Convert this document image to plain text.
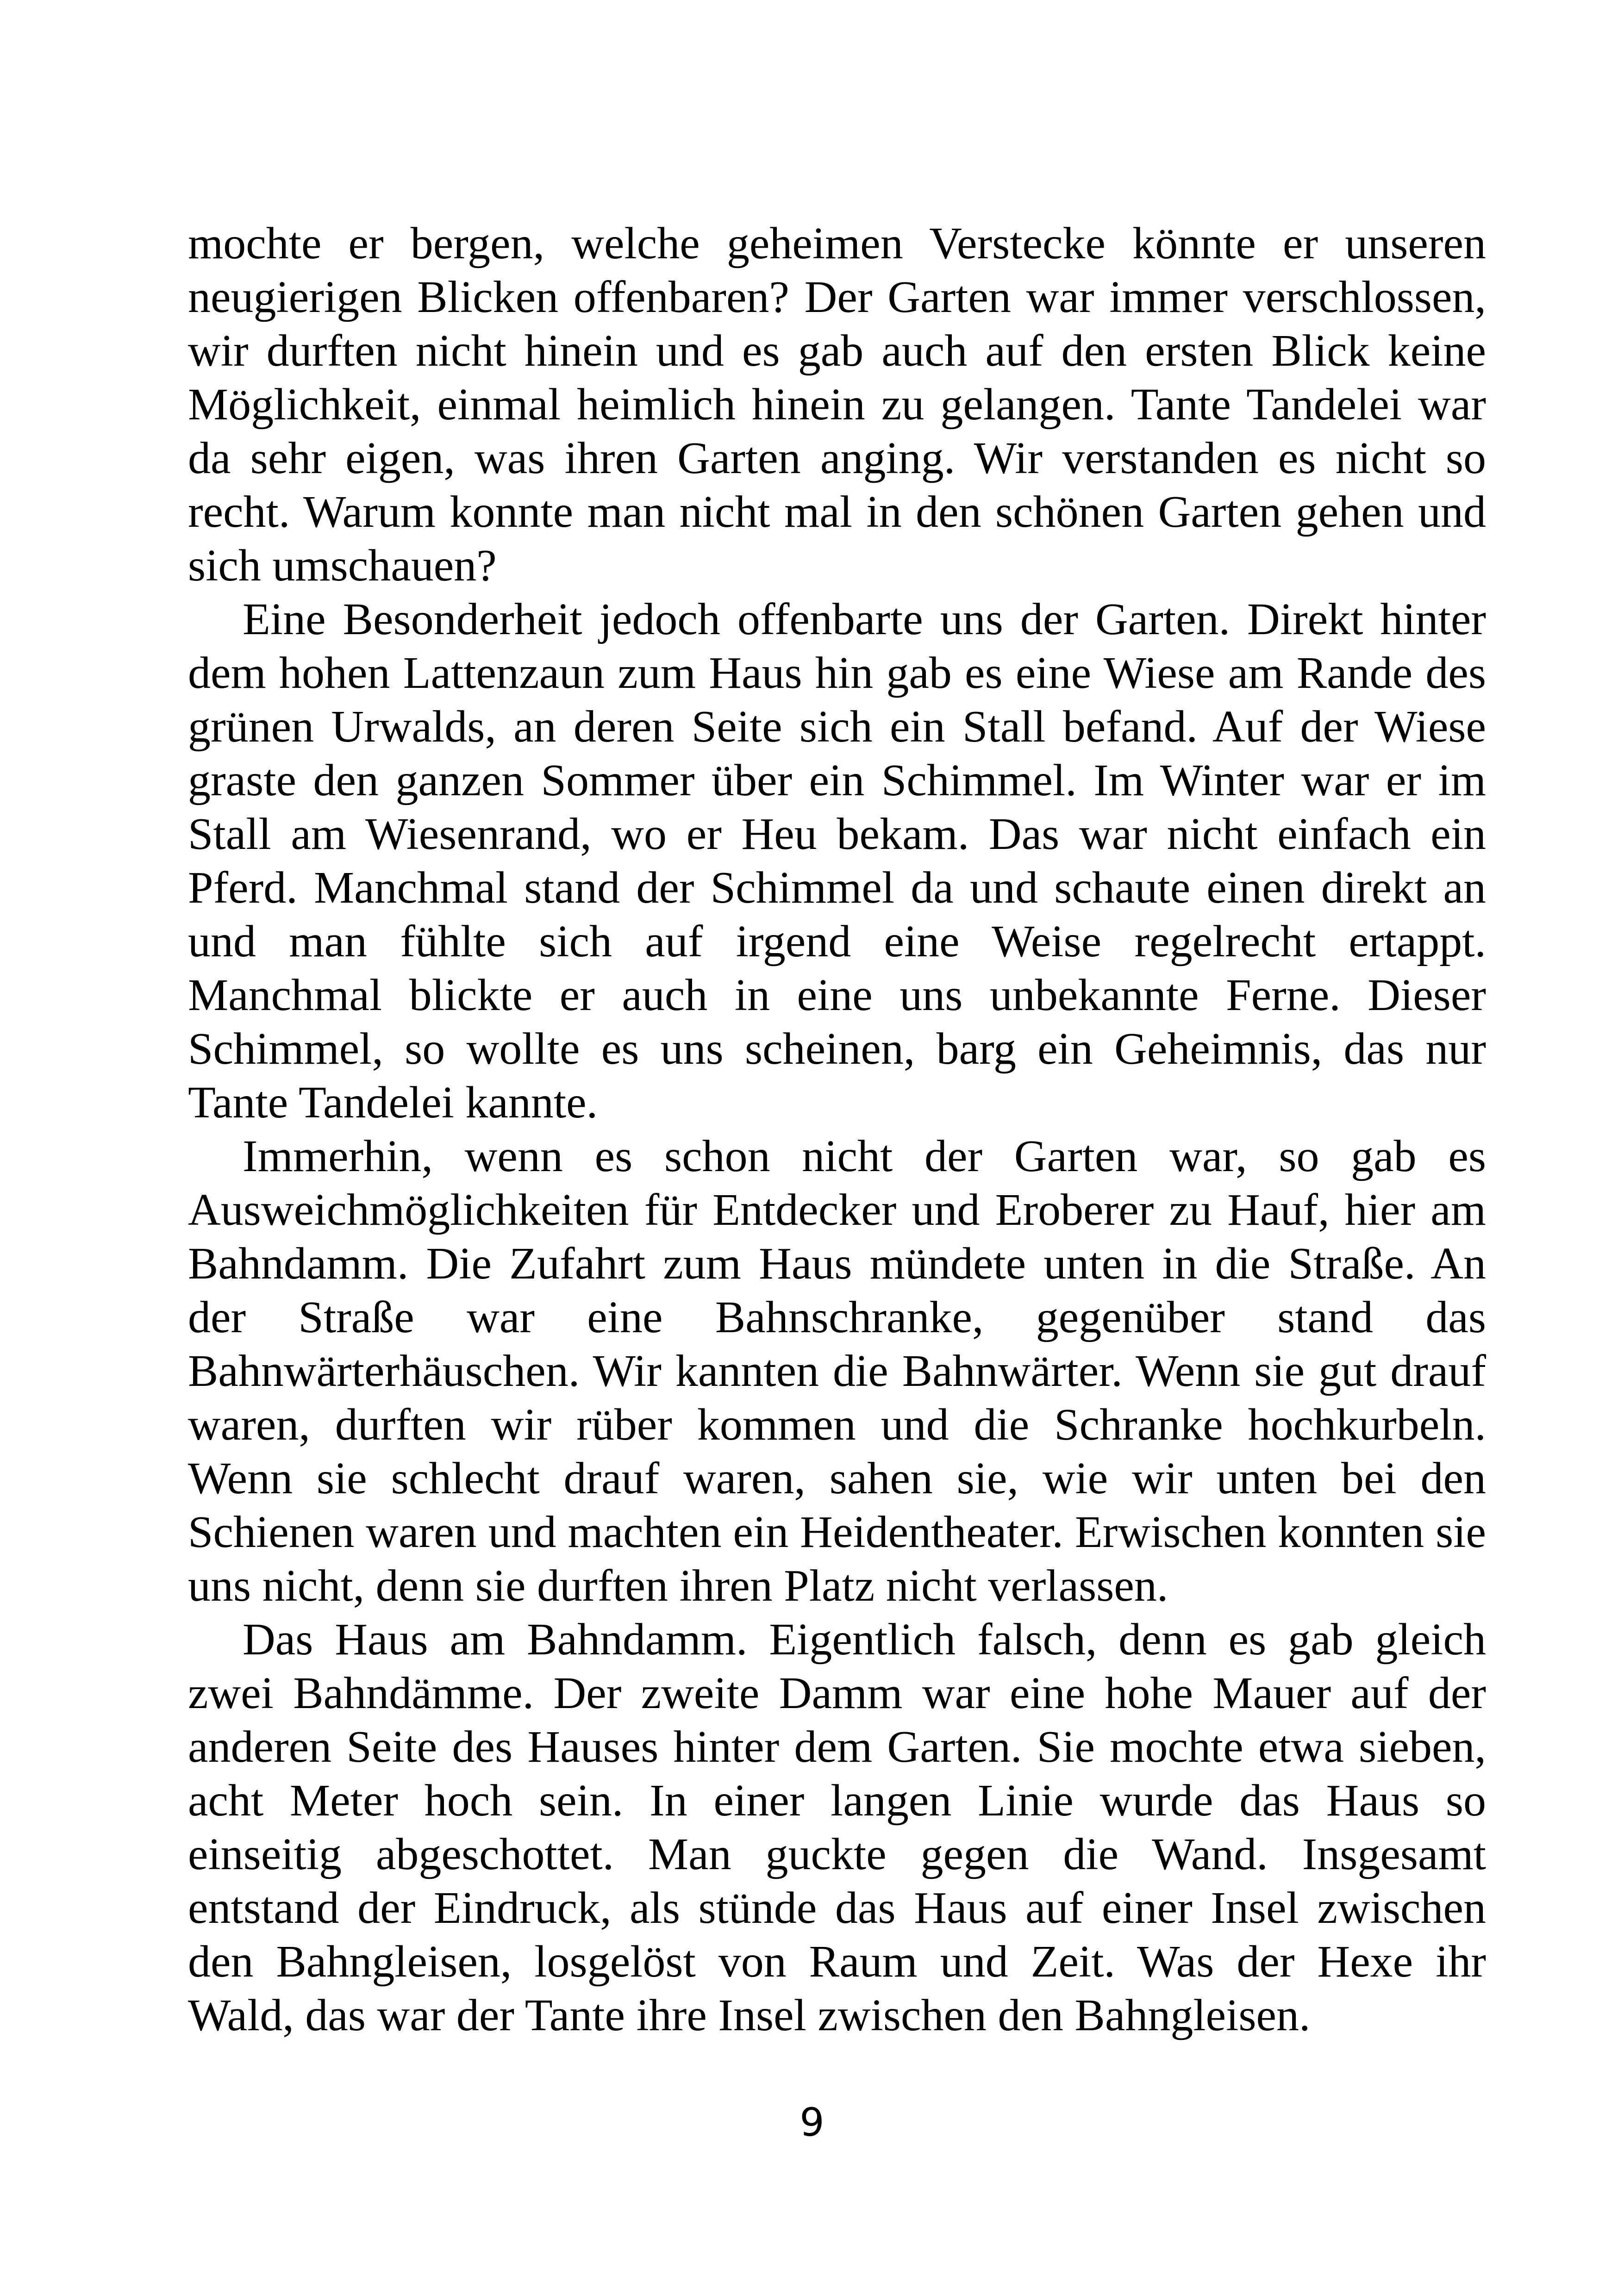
mochte er bergen, welche geheimen Verstecke könnte er unseren neugierigen Blicken offenbaren? Der Garten war immer verschlossen, wir durften nicht hinein und es gab auch auf den ersten Blick keine Möglichkeit, einmal heimlich hinein zu gelangen. Tante Tandelei war da sehr eigen, was ihren Garten anging. Wir verstanden es nicht so recht. Warum konnte man nicht mal in den schönen Garten gehen und sich umschauen?

Eine Besonderheit jedoch offenbarte uns der Garten. Direkt hinter dem hohen Lattenzaun zum Haus hin gab es eine Wiese am Rande des grünen Urwalds, an deren Seite sich ein Stall befand. Auf der Wiese graste den ganzen Sommer über ein Schimmel. Im Winter war er im Stall am Wiesenrand, wo er Heu bekam. Das war nicht einfach ein Pferd. Manchmal stand der Schimmel da und schaute einen direkt an und man fühlte sich auf irgend eine Weise regelrecht ertappt. Manchmal blickte er auch in eine uns unbekannte Ferne. Dieser Schimmel, so wollte es uns scheinen, barg ein Geheimnis, das nur Tante Tandelei kannte.

Immerhin, wenn es schon nicht der Garten war, so gab es Ausweichmöglichkeiten für Entdecker und Eroberer zu Hauf, hier am Bahndamm. Die Zufahrt zum Haus mündete unten in die Straße. An der Straße war eine Bahnschranke, gegenüber stand das Bahnwärterhäuschen. Wir kannten die Bahnwärter. Wenn sie gut drauf waren, durften wir rüber kommen und die Schranke hochkurbeln. Wenn sie schlecht drauf waren, sahen sie, wie wir unten bei den Schienen waren und machten ein Heidentheater. Erwischen konnten sie uns nicht, denn sie durften ihren Platz nicht verlassen.

Das Haus am Bahndamm. Eigentlich falsch, denn es gab gleich zwei Bahndämme. Der zweite Damm war eine hohe Mauer auf der anderen Seite des Hauses hinter dem Garten. Sie mochte etwa sieben, acht Meter hoch sein. In einer langen Linie wurde das Haus so einseitig abgeschottet. Man guckte gegen die Wand. Insgesamt entstand der Eindruck, als stünde das Haus auf einer Insel zwischen den Bahngleisen, losgelöst von Raum und Zeit. Was der Hexe ihr Wald, das war der Tante ihre Insel zwischen den Bahngleisen.

9
